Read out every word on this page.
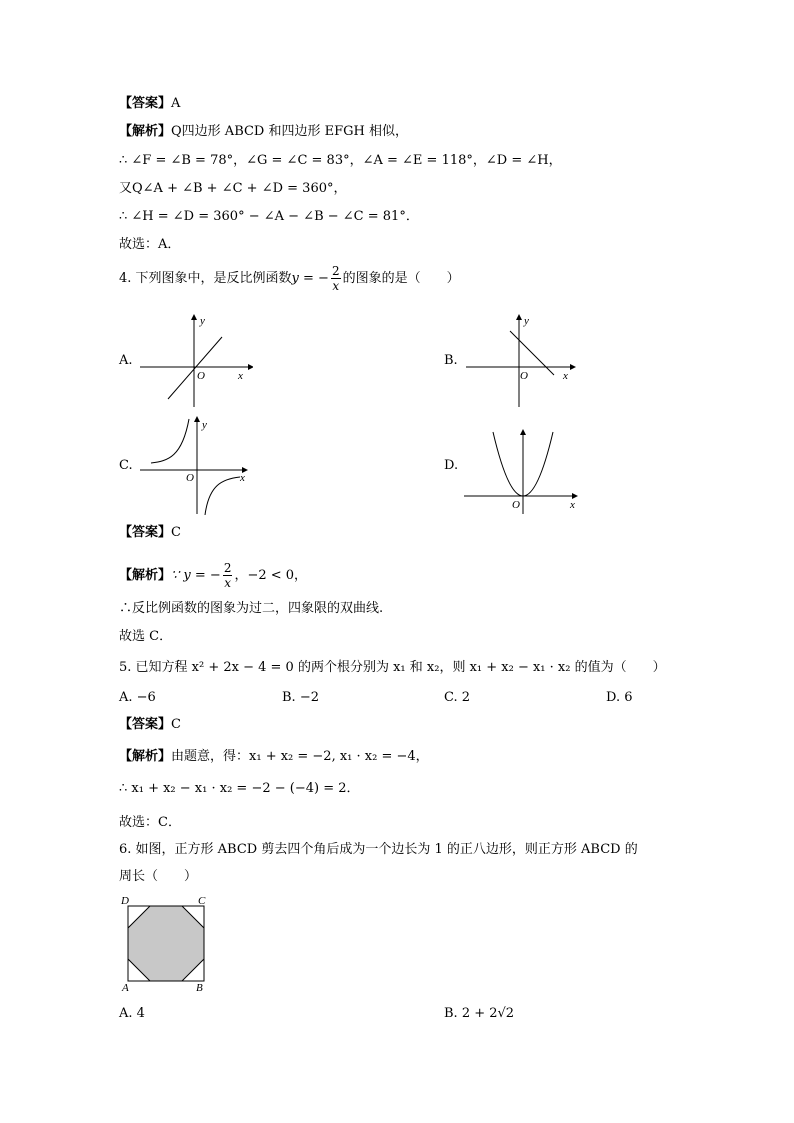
【答案】A
【解析】Q四边形 ABCD 和四边形 EFGH 相似，
∴ ∠F = ∠B = 78°，∠G = ∠C = 83°，∠A = ∠E = 118°，∠D = ∠H，
又Q∠A + ∠B + ∠C + ∠D = 360°，
∴ ∠H = ∠D = 360° − ∠A − ∠B − ∠C = 81°．
故选：A．
4. 下列图象中，是反比例函数y = − $\frac{2}{x}$ 的图象的是（　　）
A.	B.
C.	D.
y
x
O
y
x
O
y
x
O
x
O
【答案】C
【解析】∵ y = − $\frac{2}{x}$ ，−2 < 0，
∴反比例函数的图象为过二，四象限的双曲线.
故选 C．
5. 已知方程 x² + 2x − 4 = 0 的两个根分别为 x₁ 和 x₂，则 x₁ + x₂ − x₁ · x₂ 的值为（　　）
A. −6	B. −2	C. 2	D. 6
【答案】C
【解析】由题意，得：x₁ + x₂ = −2, x₁ · x₂ = −4，
∴ x₁ + x₂ − x₁ · x₂ = −2 − (−4) = 2．
故选：C．
6. 如图，正方形 ABCD 剪去四个角后成为一个边长为 1 的正八边形，则正方形 ABCD 的
周长（　　）
D	C
A	B
A. 4	B. 2 + 2√2
